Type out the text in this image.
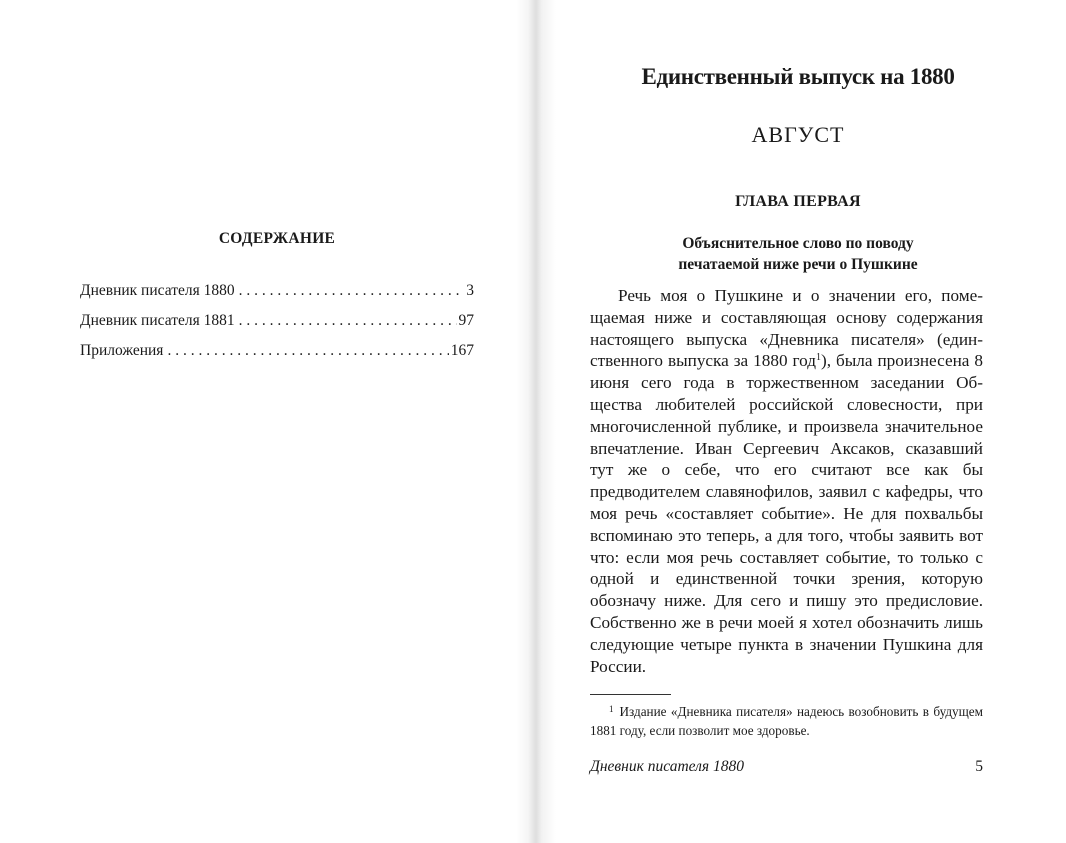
СОДЕРЖАНИЕ
Дневник писателя 1880 . . .	3
Дневник писателя 1881 . . .	97
Приложения . . .	167
Единственный выпуск на 1880
АВГУСТ
ГЛАВА ПЕРВАЯ
Объяснительное слово по поводу
печатаемой ниже речи о Пушкине

Речь моя о Пушкине и о значении его, помещаемая ниже и составляющая основу содержания настоящего выпуска «Дневника писателя» (единственного выпуска за 1880 год$^1$), была произнесена 8 июня сего года в торжественном заседании Общества любителей российской словесности, при многочисленной публике, и произвела значительное впечатление. Иван Сергеевич Аксаков, сказавший тут же о себе, что его считают все как бы предводителем славянофилов, заявил с кафедры, что моя речь «составляет событие». Не для похвальбы вспоминаю это теперь, а для того, чтобы заявить вот что: если моя речь составляет событие, то только с одной и единственной точки зрения, которую обозначу ниже. Для сего и пишу это предисловие. Собственно же в речи моей я хотел обозначить лишь следующие четыре пункта в значении Пушкина для России.

$^1$ Издание «Дневника писателя» надеюсь возобновить в будущем 1881 году, если позволит мое здоровье.
Дневник писателя 1880	5
